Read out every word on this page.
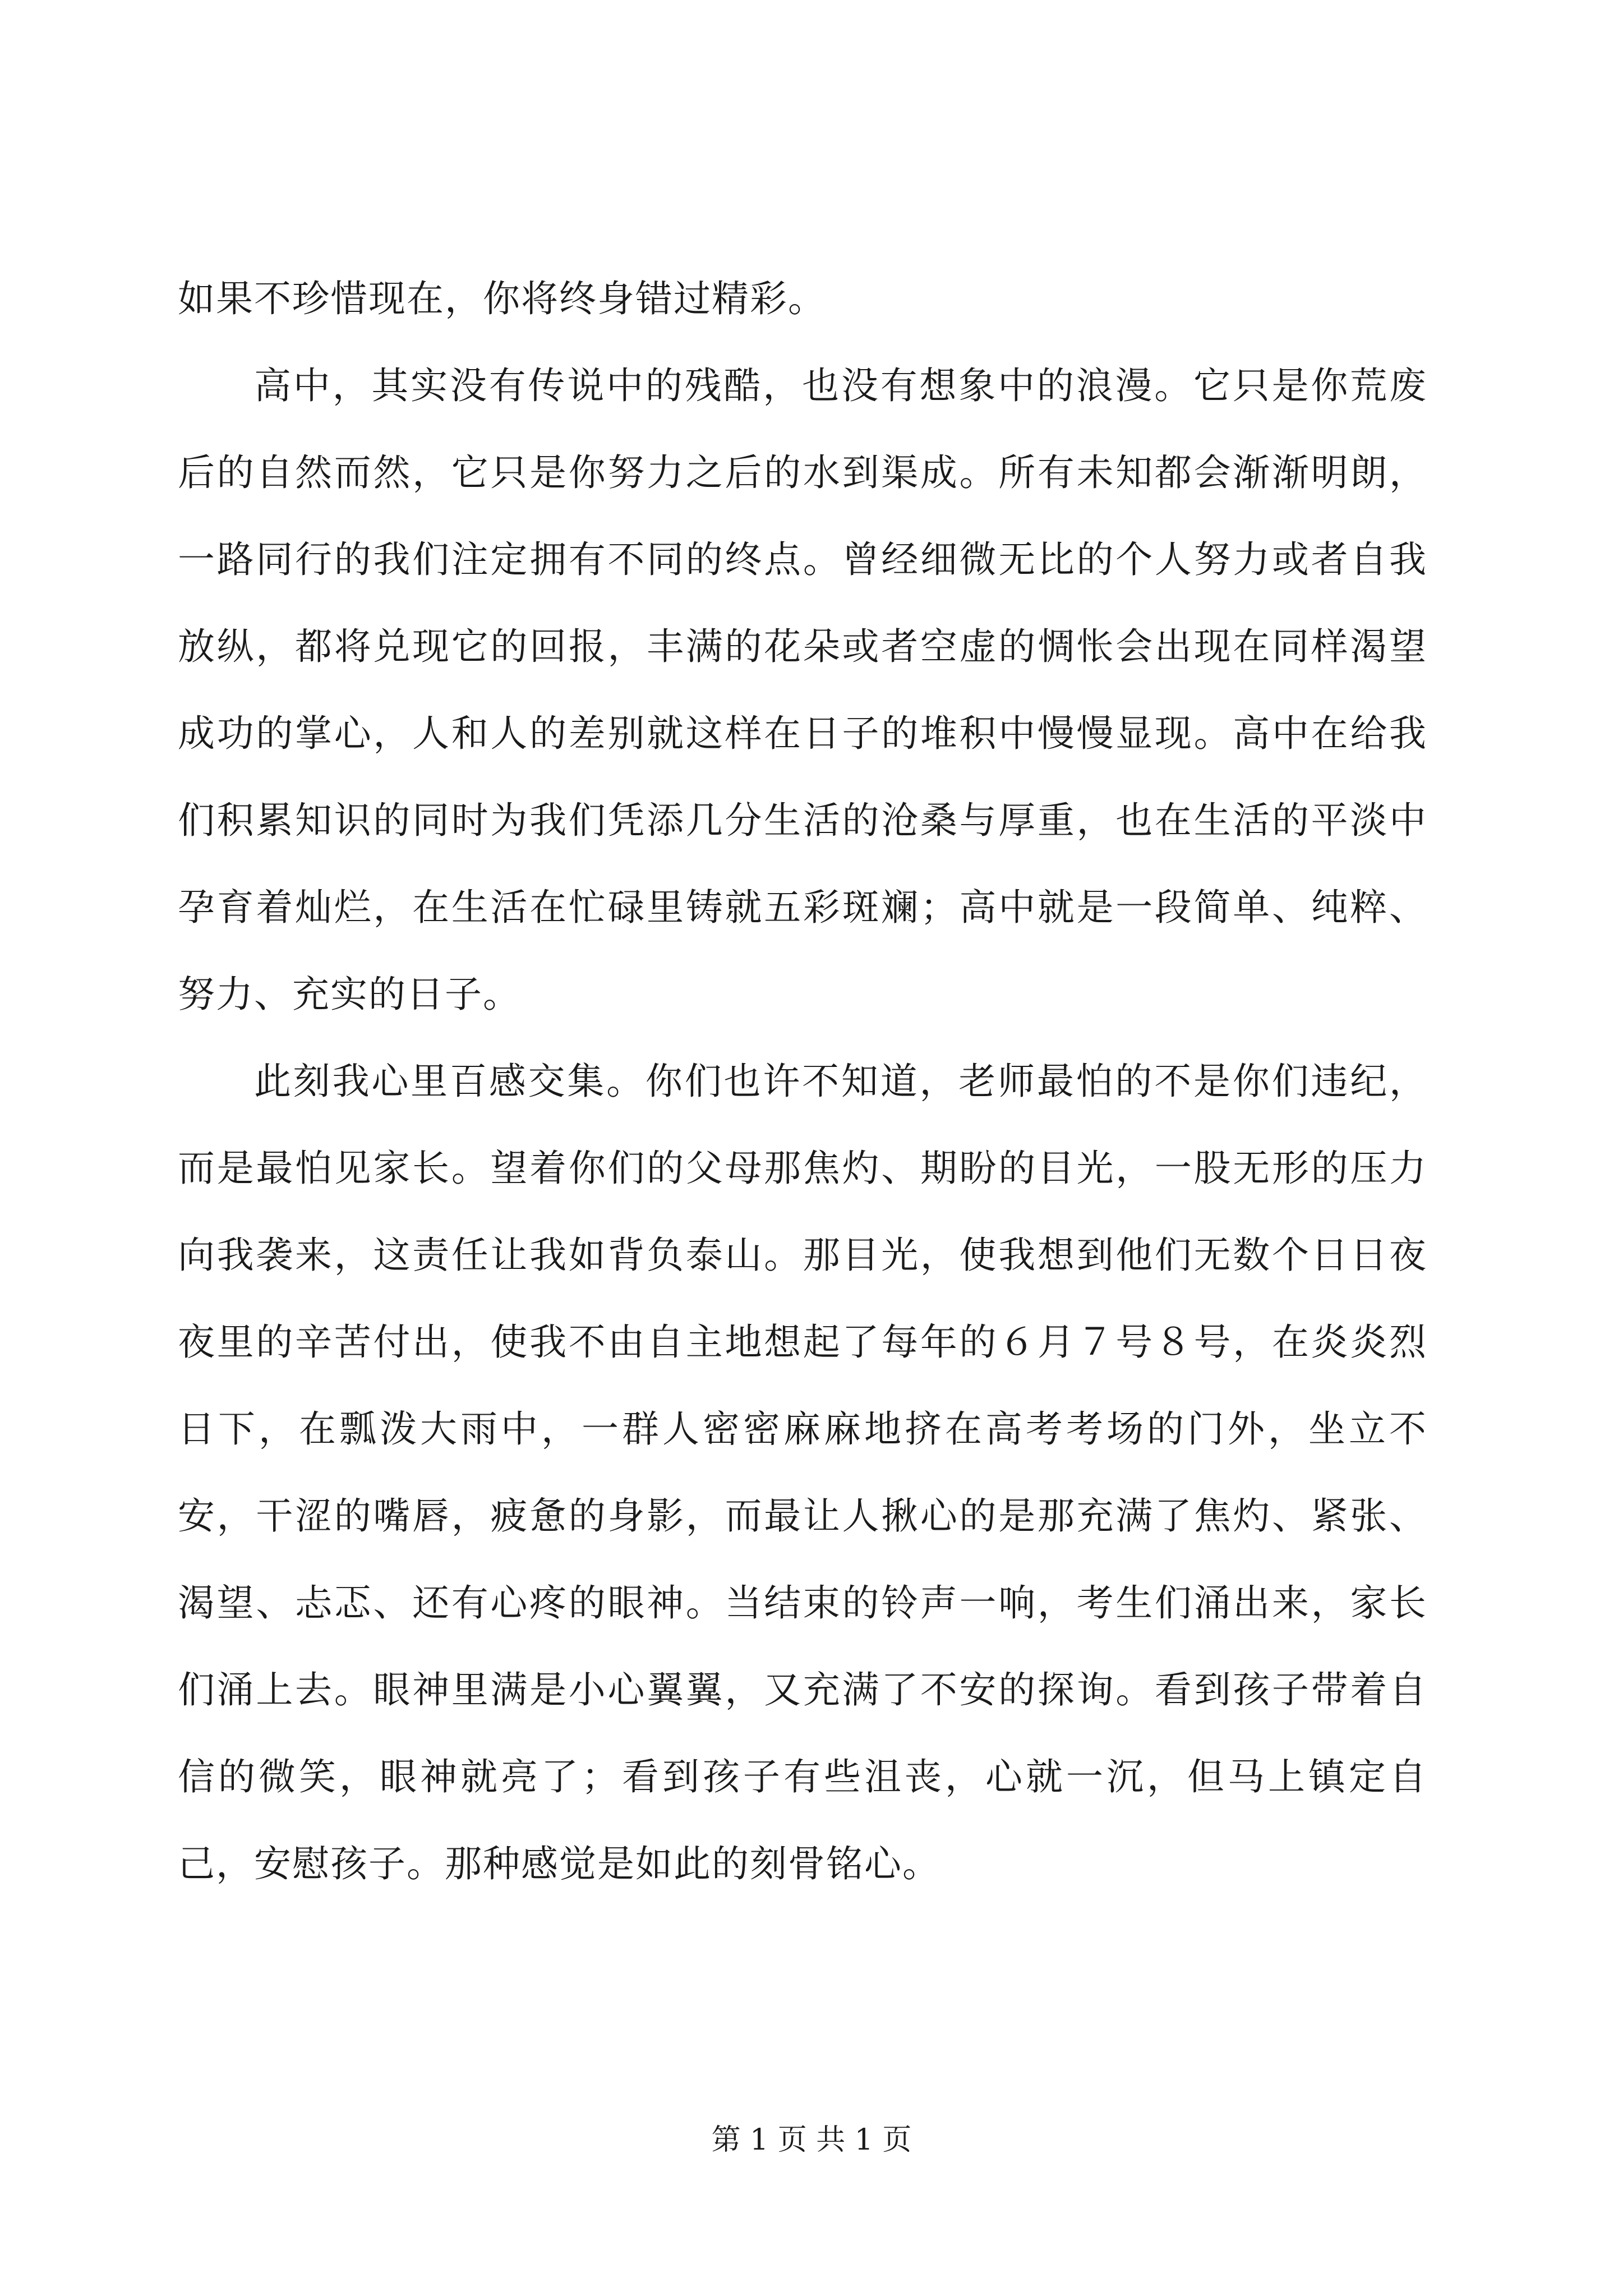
如果不珍惜现在，你将终身错过精彩。

高中，其实没有传说中的残酷，也没有想象中的浪漫。它只是你荒废后的自然而然，它只是你努力之后的水到渠成。所有未知都会渐渐明朗，一路同行的我们注定拥有不同的终点。曾经细微无比的个人努力或者自我放纵，都将兑现它的回报，丰满的花朵或者空虚的惆怅会出现在同样渴望成功的掌心，人和人的差别就这样在日子的堆积中慢慢显现。高中在给我们积累知识的同时为我们凭添几分生活的沧桑与厚重，也在生活的平淡中孕育着灿烂，在生活在忙碌里铸就五彩斑斓；高中就是一段简单、纯粹、努力、充实的日子。

此刻我心里百感交集。你们也许不知道，老师最怕的不是你们违纪，而是最怕见家长。望着你们的父母那焦灼、期盼的目光，一股无形的压力向我袭来，这责任让我如背负泰山。那目光，使我想到他们无数个日日夜夜里的辛苦付出，使我不由自主地想起了每年的６月７号８号，在炎炎烈日下，在瓢泼大雨中，一群人密密麻麻地挤在高考考场的门外，坐立不安，干涩的嘴唇，疲惫的身影，而最让人揪心的是那充满了焦灼、紧张、渴望、忐忑、还有心疼的眼神。当结束的铃声一响，考生们涌出来，家长们涌上去。眼神里满是小心翼翼，又充满了不安的探询。看到孩子带着自信的微笑，眼神就亮了；看到孩子有些沮丧，心就一沉，但马上镇定自己，安慰孩子。那种感觉是如此的刻骨铭心。

第 1 页 共 1 页
